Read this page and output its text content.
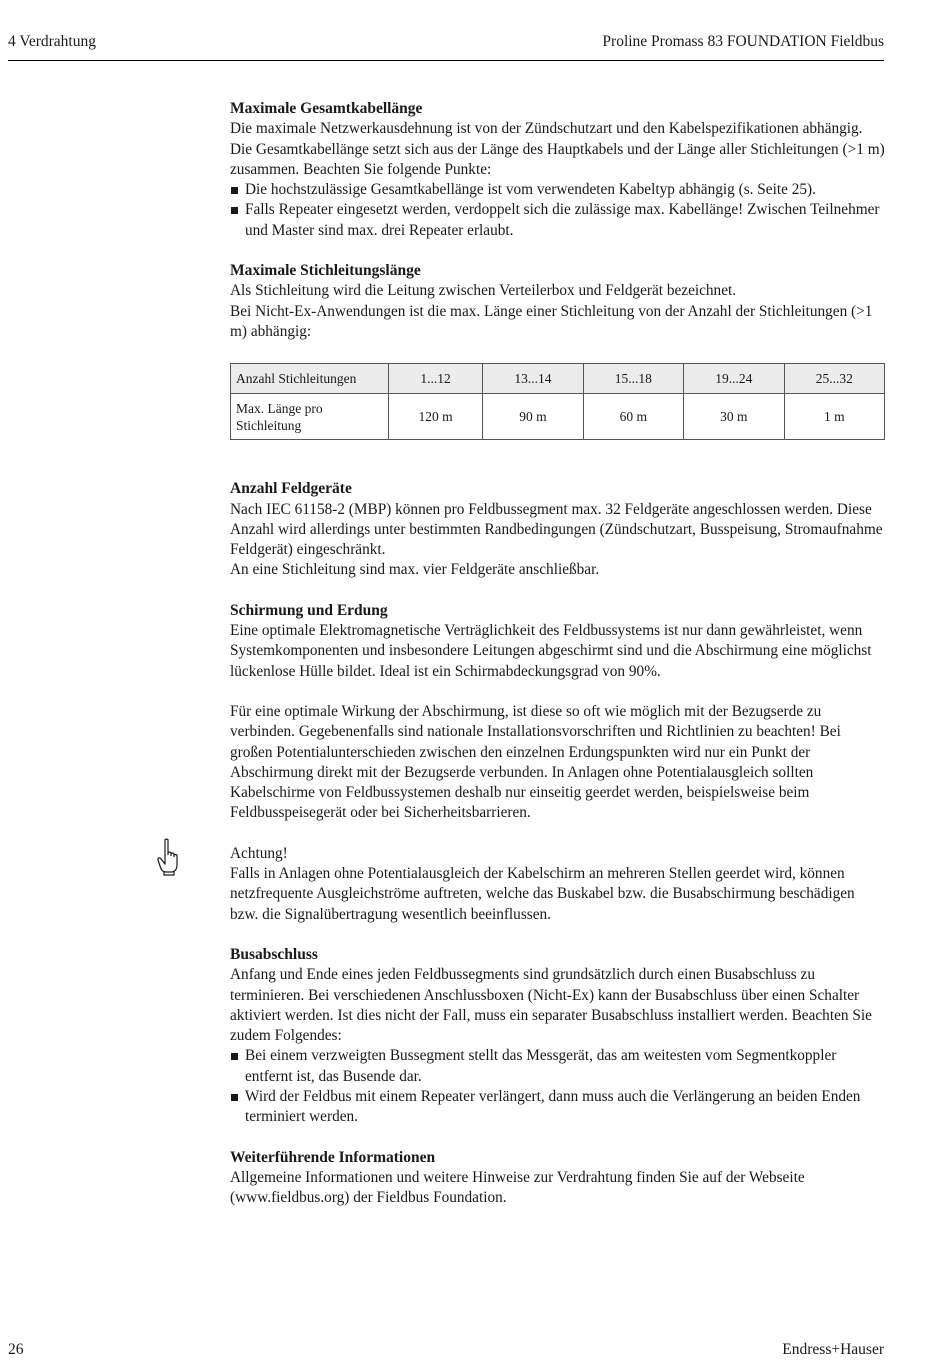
4 Verdrahtung	Proline Promass 83 FOUNDATION Fieldbus
Maximale Gesamtkabellänge

Die maximale Netzwerkausdehnung ist von der Zündschutzart und den Kabelspezifikationen abhängig. Die Gesamtkabellänge setzt sich aus der Länge des Hauptkabels und der Länge aller Stichleitungen (>1 m) zusammen. Beachten Sie folgende Punkte:

Die hochstzulässige Gesamtkabellänge ist vom verwendeten Kabeltyp abhängig (s. Seite 25).
Falls Repeater eingesetzt werden, verdoppelt sich die zulässige max. Kabellänge! Zwischen Teilnehmer und Master sind max. drei Repeater erlaubt.
Maximale Stichleitungslänge

Als Stichleitung wird die Leitung zwischen Verteilerbox und Feldgerät bezeichnet.

Bei Nicht-Ex-Anwendungen ist die max. Länge einer Stichleitung von der Anzahl der Stichleitungen (>1 m) abhängig:

Anzahl Stichleitungen	1...12	13...14	15...18	19...24	25...32
Max. Länge pro Stichleitung	120 m	90 m	60 m	30 m	1 m
Anzahl Feldgeräte

Nach IEC 61158-2 (MBP) können pro Feldbussegment max. 32 Feldgeräte angeschlossen werden. Diese Anzahl wird allerdings unter bestimmten Randbedingungen (Zündschutzart, Busspeisung, Stromaufnahme Feldgerät) eingeschränkt.

An eine Stichleitung sind max. vier Feldgeräte anschließbar.

Schirmung und Erdung

Eine optimale Elektromagnetische Verträglichkeit des Feldbussystems ist nur dann gewährleistet, wenn Systemkomponenten und insbesondere Leitungen abgeschirmt sind und die Abschirmung eine möglichst lückenlose Hülle bildet. Ideal ist ein Schirmabdeckungsgrad von 90%.

Für eine optimale Wirkung der Abschirmung, ist diese so oft wie möglich mit der Bezugserde zu verbinden. Gegebenenfalls sind nationale Installationsvorschriften und Richtlinien zu beachten! Bei großen Potentialunterschieden zwischen den einzelnen Erdungspunkten wird nur ein Punkt der Abschirmung direkt mit der Bezugserde verbunden. In Anlagen ohne Potentialausgleich sollten Kabelschirme von Feldbussystemen deshalb nur einseitig geerdet werden, beispielsweise beim Feldbusspeisegerät oder bei Sicherheitsbarrieren.

Achtung!

Falls in Anlagen ohne Potentialausgleich der Kabelschirm an mehreren Stellen geerdet wird, können netzfrequente Ausgleichströme auftreten, welche das Buskabel bzw. die Busabschirmung beschädigen bzw. die Signalübertragung wesentlich beeinflussen.

Busabschluss

Anfang und Ende eines jeden Feldbussegments sind grundsätzlich durch einen Busabschluss zu terminieren. Bei verschiedenen Anschlussboxen (Nicht-Ex) kann der Busabschluss über einen Schalter aktiviert werden. Ist dies nicht der Fall, muss ein separater Busabschluss installiert werden. Beachten Sie zudem Folgendes:

Bei einem verzweigten Bussegment stellt das Messgerät, das am weitesten vom Segmentkoppler entfernt ist, das Busende dar.
Wird der Feldbus mit einem Repeater verlängert, dann muss auch die Verlängerung an beiden Enden terminiert werden.
Weiterführende Informationen

Allgemeine Informationen und weitere Hinweise zur Verdrahtung finden Sie auf der Webseite (www.fieldbus.org) der Fieldbus Foundation.

26	Endress+Hauser
